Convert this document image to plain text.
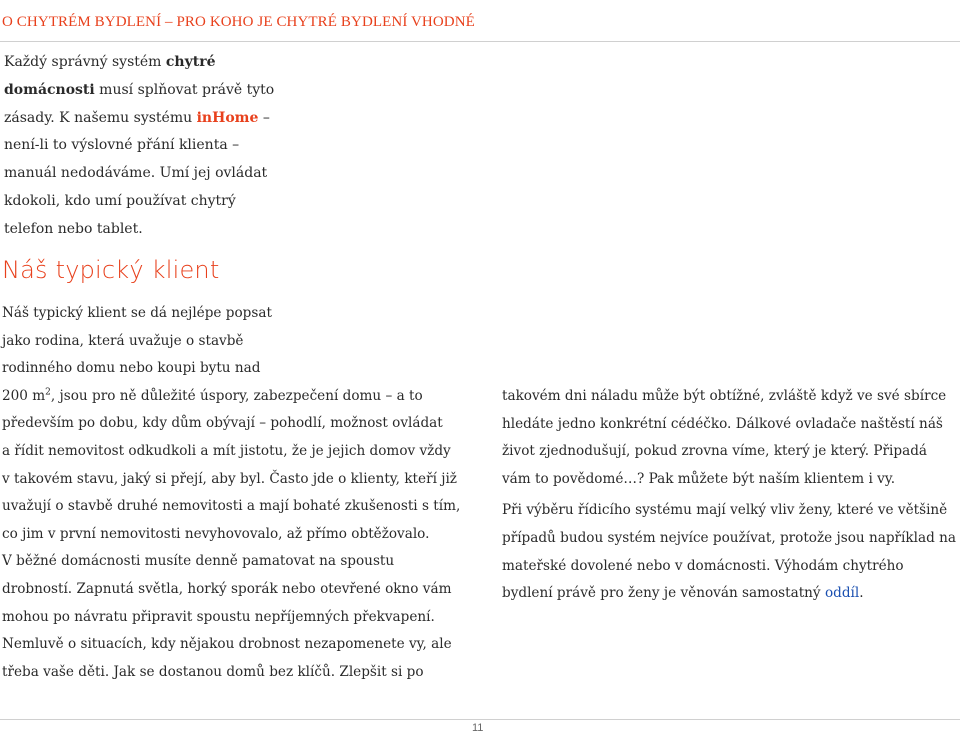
O CHYTRÉM BYDLENÍ – PRO KOHO JE CHYTRÉ BYDLENÍ VHODNÉ
Každý správný systém chytré
domácnosti musí splňovat právě tyto
zásady. K našemu systému inHome –
není-li to výslovné přání klienta –
manuál nedodáváme. Umí jej ovládat
kdokoli, kdo umí používat chytrý
telefon nebo tablet.
Náš typický klient
Náš typický klient se dá nejlépe popsat
jako rodina, která uvažuje o stavbě
rodinného domu nebo koupi bytu nad
200 $m^2$, jsou pro ně důležité úspory, zabezpečení domu – a to
především po dobu, kdy dům obývají – pohodlí, možnost ovládat
a řídit nemovitost odkudkoli a mít jistotu, že je jejich domov vždy
v takovém stavu, jaký si přejí, aby byl. Často jde o klienty, kteří již
uvažují o stavbě druhé nemovitosti a mají bohaté zkušenosti s tím,
co jim v první nemovitosti nevyhovovalo, až přímo obtěžovalo.
V běžné domácnosti musíte denně pamatovat na spoustu
drobností. Zapnutá světla, horký sporák nebo otevřené okno vám
mohou po návratu připravit spoustu nepříjemných překvapení.
Nemluvě o situacích, kdy nějakou drobnost nezapomenete vy, ale
třeba vaše děti. Jak se dostanou domů bez klíčů. Zlepšit si po
takovém dni náladu může být obtížné, zvláště když ve své sbírce
hledáte jedno konkrétní cédéčko. Dálkové ovladače naštěstí náš
život zjednodušují, pokud zrovna víme, který je který. Připadá
vám to povědomé…? Pak můžete být naším klientem i vy.
Při výběru řídicího systému mají velký vliv ženy, které ve většině
případů budou systém nejvíce používat, protože jsou například na
mateřské dovolené nebo v domácnosti. Výhodám chytrého
bydlení právě pro ženy je věnován samostatný oddíl.
11
